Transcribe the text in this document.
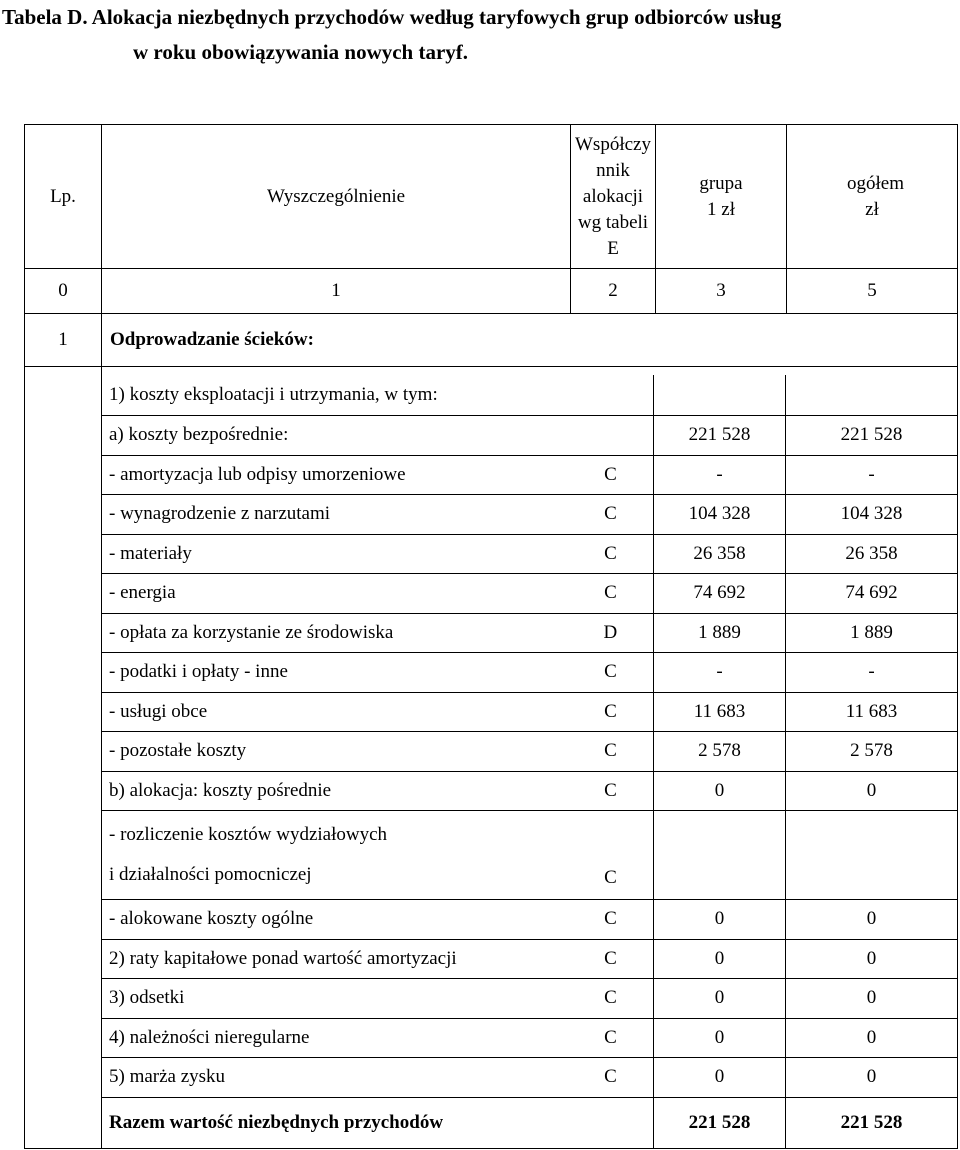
Tabela D. Alokacja niezbędnych przychodów według taryfowych grup odbiorców usług
w roku obowiązywania nowych taryf.
Lp.	Wyszczególnienie	Współczy nnik alokacji wg tabeli E	grupa 1 zł	ogółem zł
0	1	2	3	5
1	Odprowadzanie ścieków:

1) koszty eksploatacji i utrzymania, w tym:			
a) koszty bezpośrednie:		221 528	221 528
- amortyzacja lub odpisy umorzeniowe	C	-	-
- wynagrodzenie z narzutami	C	104 328	104 328
- materiały	C	26 358	26 358
- energia	C	74 692	74 692
- opłata za korzystanie ze środowiska	D	1 889	1 889
- podatki i opłaty - inne	C	-	-
- usługi obce	C	11 683	11 683
- pozostałe koszty	C	2 578	2 578
b) alokacja: koszty pośrednie	C	0	0

- rozliczenie kosztów wydziałowych
i działalności pomocniczej	C		
- alokowane koszty ogólne	C	0	0
2) raty kapitałowe ponad wartość amortyzacji	C	0	0
3) odsetki	C	0	0
4) należności nieregularne	C	0	0
5) marża zysku	C	0	0
Razem wartość niezbędnych przychodów		221 528	221 528
